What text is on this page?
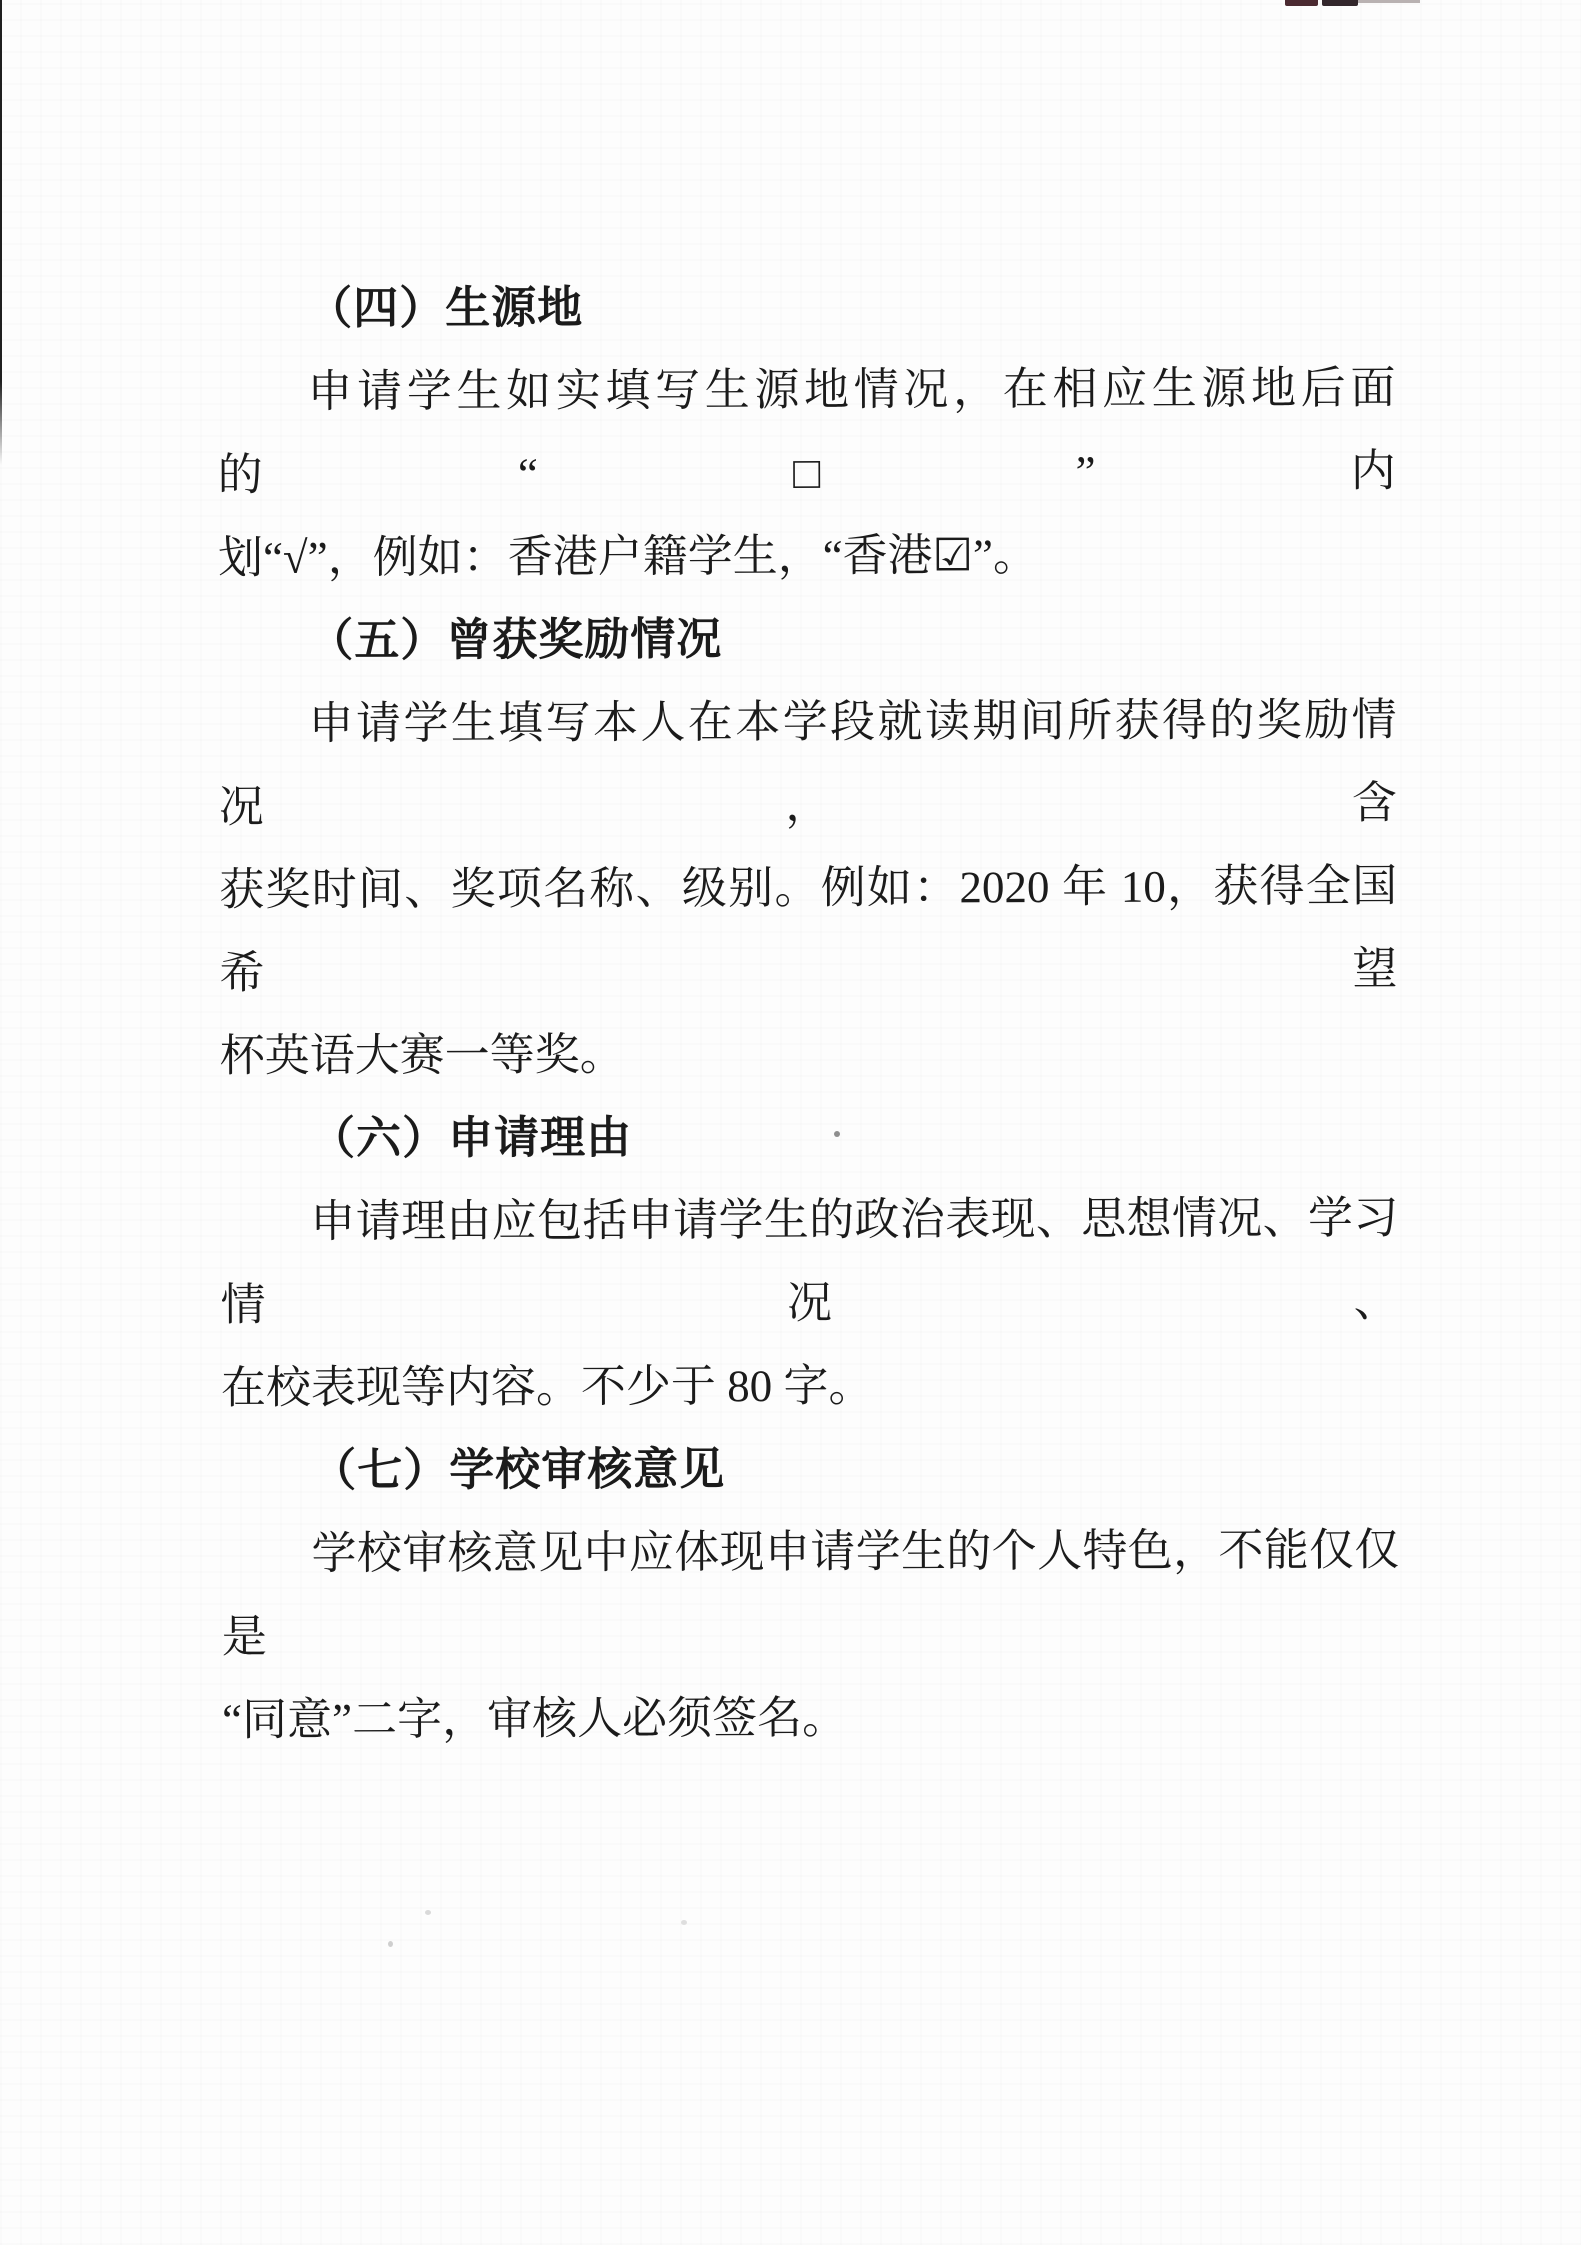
（四）生源地
申请学生如实填写生源地情况，在相应生源地后面的“□”内
划“√”，例如：香港户籍学生，“香港☑”。
（五）曾获奖励情况
申请学生填写本人在本学段就读期间所获得的奖励情况，含
获奖时间、奖项名称、级别。例如：2020 年 10，获得全国希望
杯英语大赛一等奖。
（六）申请理由
申请理由应包括申请学生的政治表现、思想情况、学习情况、
在校表现等内容。不少于 80 字。
（七）学校审核意见
学校审核意见中应体现申请学生的个人特色，不能仅仅是
“同意”二字，审核人必须签名。
